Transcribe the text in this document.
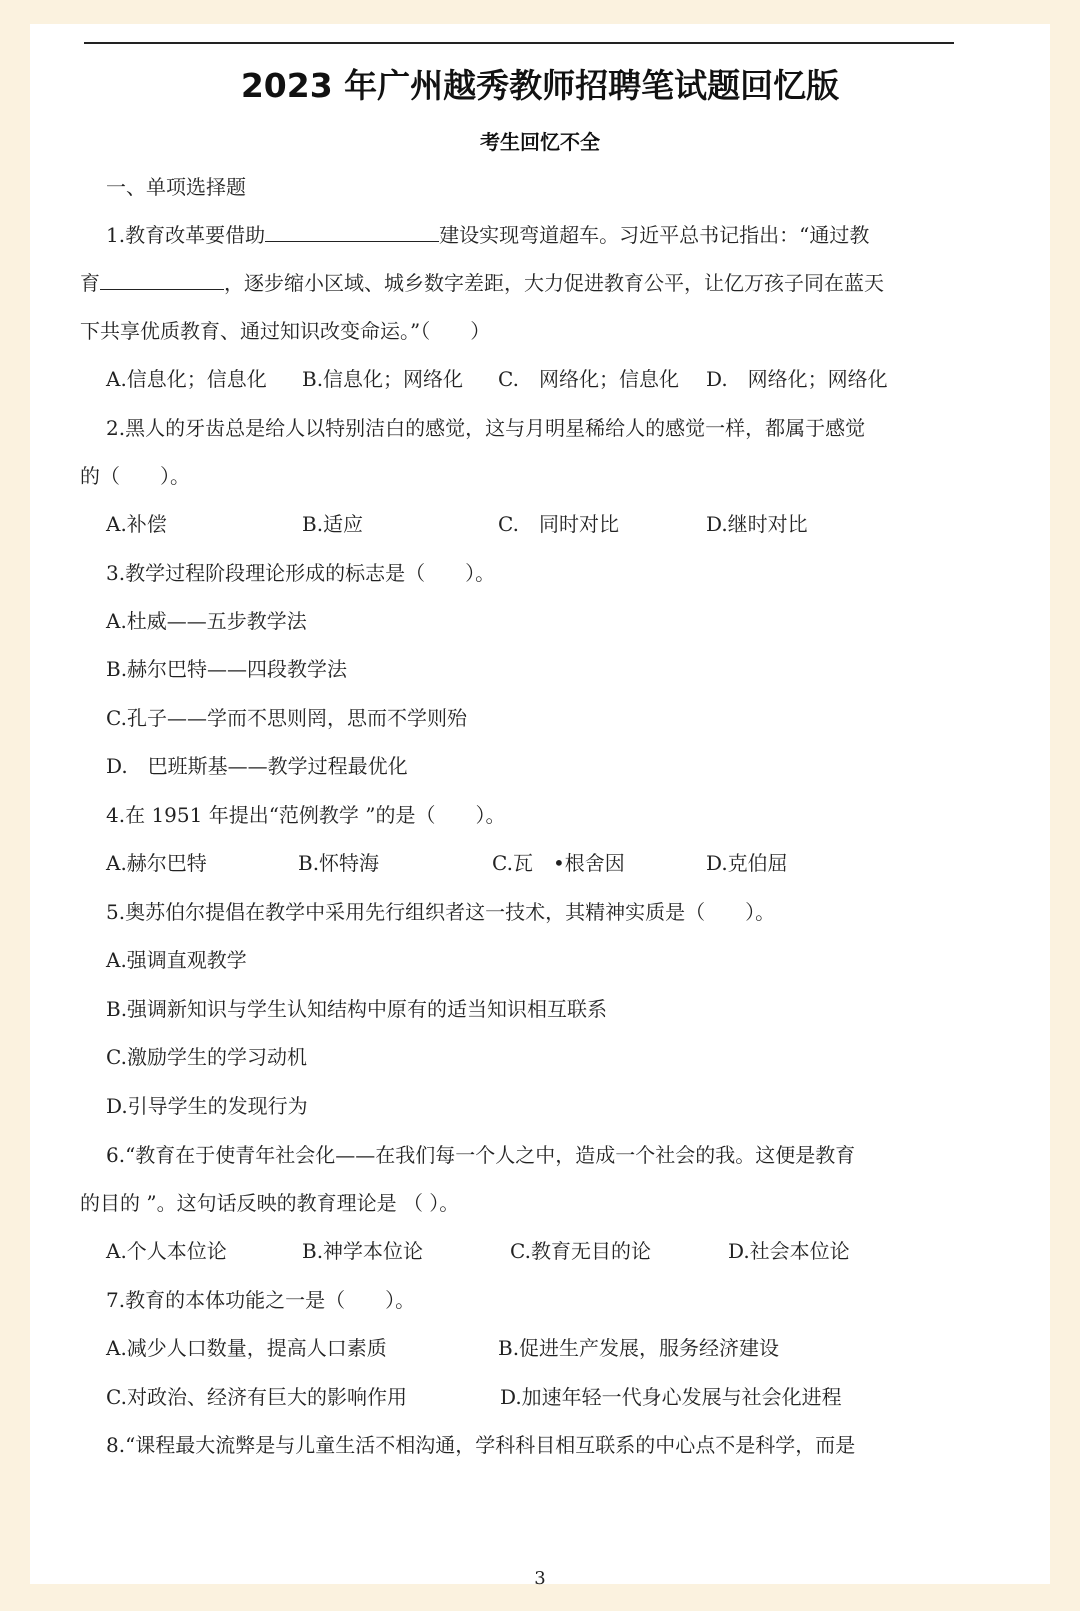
2023 年广州越秀教师招聘笔试题回忆版
考生回忆不全
一、单项选择题
1.教育改革要借助	建设实现弯道超车。习近平总书记指出：“通过教
育	，逐步缩小区域、城乡数字差距，大力促进教育公平，让亿万孩子同在蓝天
下共享优质教育、通过知识改变命运。”（　　）
A.信息化；信息化 B.信息化；网络化 C.　网络化；信息化 D.　网络化；网络化
2.黑人的牙齿总是给人以特别洁白的感觉，这与月明星稀给人的感觉一样，都属于感觉
的（　　）。
A.补偿	B.适应	C.　同时对比	D.继时对比
3.教学过程阶段理论形成的标志是（　　）。
A.杜威——五步教学法
B.赫尔巴特——四段教学法
C.孔子——学而不思则罔，思而不学则殆
D.　巴班斯基——教学过程最优化
4.在 1951 年提出“范例教学 ”的是（　　）。
A.赫尔巴特	B.怀特海	C.瓦　•根舍因	D.克伯屈
5.奥苏伯尔提倡在教学中采用先行组织者这一技术，其精神实质是（　　）。
A.强调直观教学
B.强调新知识与学生认知结构中原有的适当知识相互联系
C.激励学生的学习动机
D.引导学生的发现行为
6.“教育在于使青年社会化——在我们每一个人之中，造成一个社会的我。这便是教育
的目的 ”。这句话反映的教育理论是 （ ）。
A.个人本位论	B.神学本位论	C.教育无目的论	D.社会本位论
7.教育的本体功能之一是（　　）。
A.减少人口数量，提高人口素质	B.促进生产发展，服务经济建设
C.对政治、经济有巨大的影响作用	D.加速年轻一代身心发展与社会化进程
8.“课程最大流弊是与儿童生活不相沟通，学科科目相互联系的中心点不是科学，而是
3
